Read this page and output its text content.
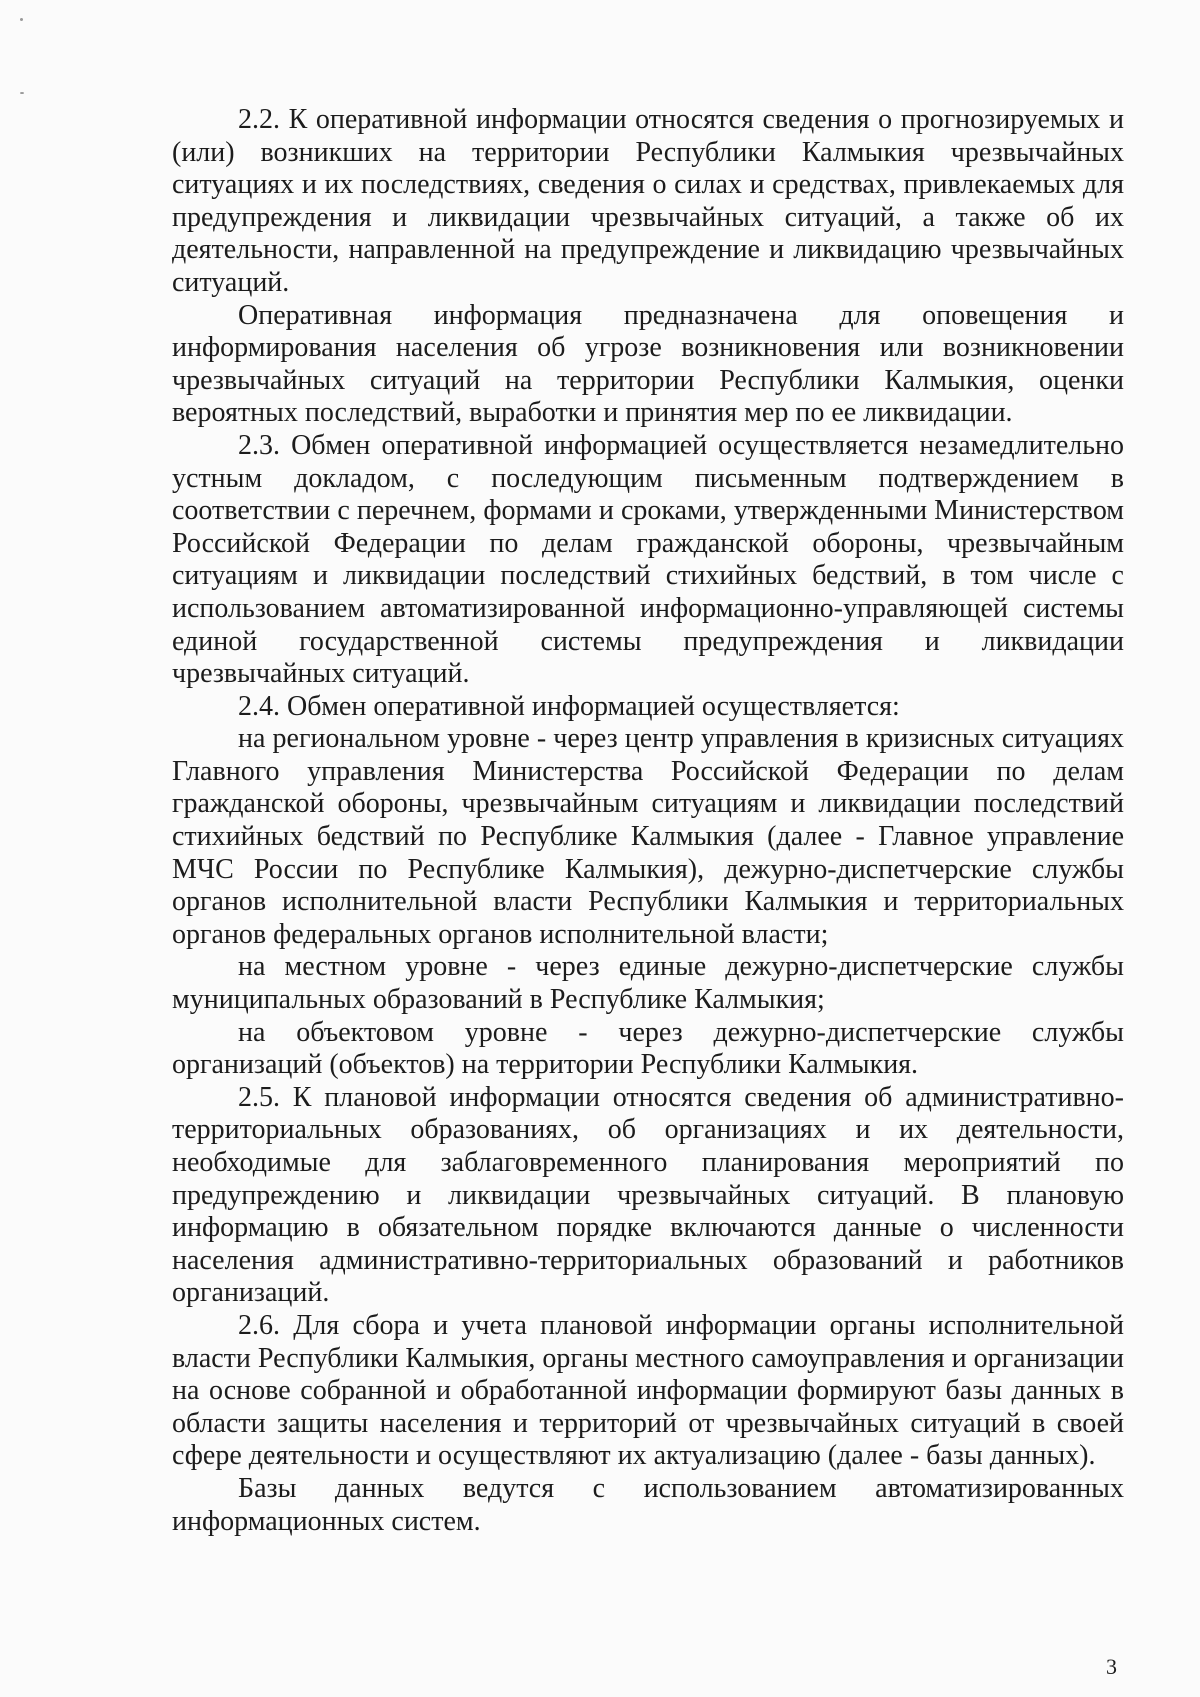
2.2. К оперативной информации относятся сведения о прогнозируемых и (или) возникших на территории Республики Калмыкия чрезвычайных ситуациях и их последствиях, сведения о силах и средствах, привлекаемых для предупреждения и ликвидации чрезвычайных ситуаций, а также об их деятельности, направленной на предупреждение и ликвидацию чрезвычайных ситуаций.

Оперативная информация предназначена для оповещения и информирования населения об угрозе возникновения или возникновении чрезвычайных ситуаций на территории Республики Калмыкия, оценки вероятных последствий, выработки и принятия мер по ее ликвидации.

2.3. Обмен оперативной информацией осуществляется незамедлительно устным докладом, с последующим письменным подтверждением в соответствии с перечнем, формами и сроками, утвержденными Министерством Российской Федерации по делам гражданской обороны, чрезвычайным ситуациям и ликвидации последствий стихийных бедствий, в том числе с использованием автоматизированной информационно-управляющей системы единой государственной системы предупреждения и ликвидации чрезвычайных ситуаций.

2.4. Обмен оперативной информацией осуществляется:

на региональном уровне - через центр управления в кризисных ситуациях Главного управления Министерства Российской Федерации по делам гражданской обороны, чрезвычайным ситуациям и ликвидации последствий стихийных бедствий по Республике Калмыкия (далее - Главное управление МЧС России по Республике Калмыкия), дежурно-диспетчерские службы органов исполнительной власти Республики Калмыкия и территориальных органов федеральных органов исполнительной власти;

на местном уровне - через единые дежурно-диспетчерские службы муниципальных образований в Республике Калмыкия;

на объектовом уровне - через дежурно-диспетчерские службы организаций (объектов) на территории Республики Калмыкия.

2.5. К плановой информации относятся сведения об административно-территориальных образованиях, об организациях и их деятельности, необходимые для заблаговременного планирования мероприятий по предупреждению и ликвидации чрезвычайных ситуаций. В плановую информацию в обязательном порядке включаются данные о численности населения административно-территориальных образований и работников организаций.

2.6. Для сбора и учета плановой информации органы исполнительной власти Республики Калмыкия, органы местного самоуправления и организации на основе собранной и обработанной информации формируют базы данных в области защиты населения и территорий от чрезвычайных ситуаций в своей сфере деятельности и осуществляют их актуализацию (далее - базы данных).

Базы данных ведутся с использованием автоматизированных информационных систем.

3
